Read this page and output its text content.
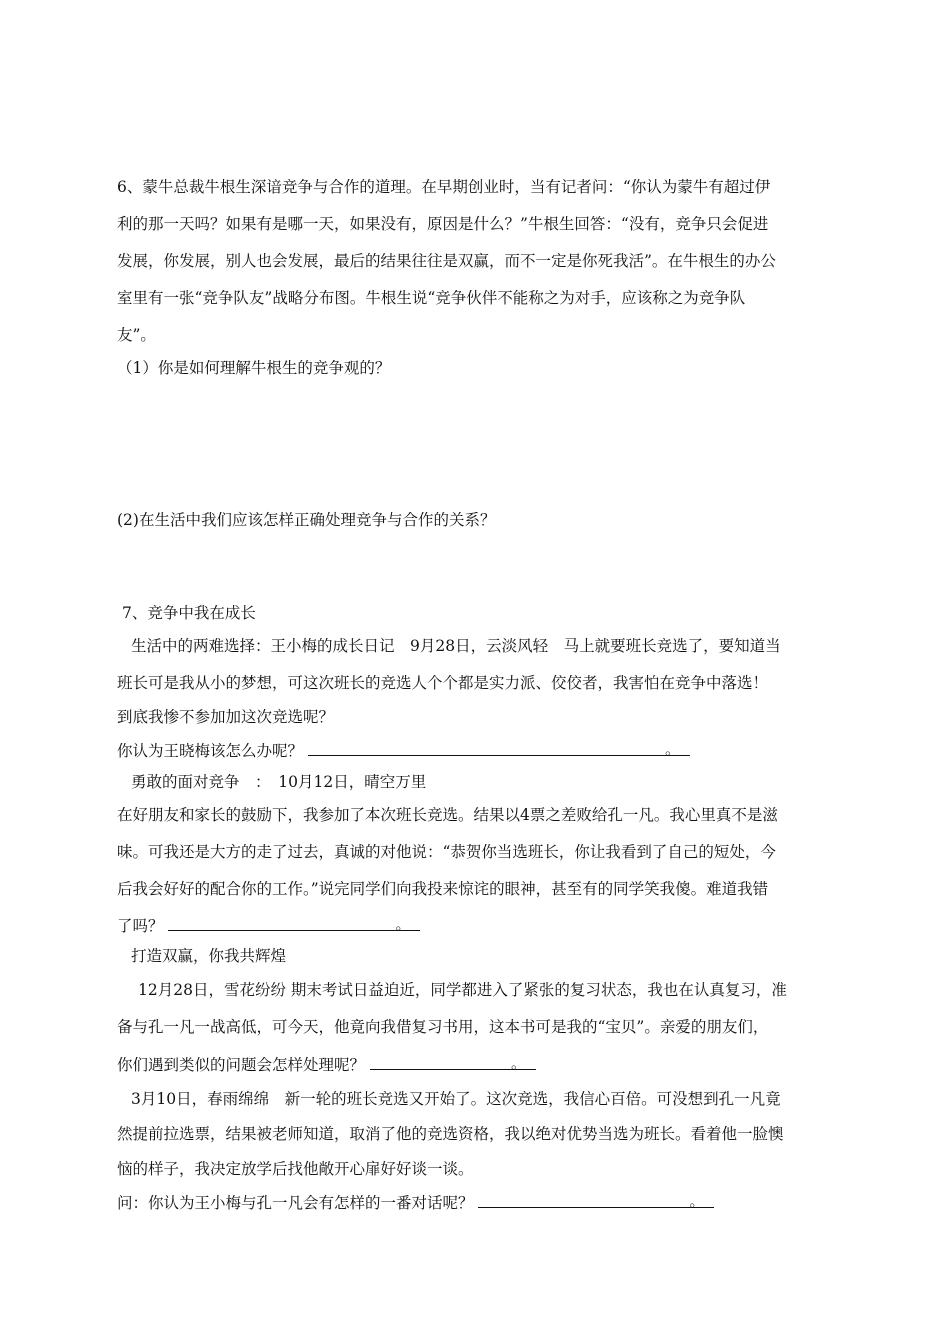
6、蒙牛总裁牛根生深谙竞争与合作的道理。在早期创业时，当有记者问：“你认为蒙牛有超过伊
利的那一天吗？如果有是哪一天，如果没有，原因是什么？”牛根生回答：“没有，竞争只会促进
发展，你发展，别人也会发展，最后的结果往往是双赢，而不一定是你死我活”。在牛根生的办公
室里有一张“竞争队友”战略分布图。牛根生说“竞争伙伴不能称之为对手，应该称之为竞争队
友”。
（1）你是如何理解牛根生的竞争观的？
(2)在生活中我们应该怎样正确处理竞争与合作的关系？
7、竞争中我在成长
生活中的两难选择：王小梅的成长日记　9月28日，云淡风轻　马上就要班长竞选了，要知道当
班长可是我从小的梦想，可这次班长的竞选人个个都是实力派、佼佼者，我害怕在竞争中落选！
到底我惨不参加加这次竞选呢？
你认为王晓梅该怎么办呢？	。
勇敢的面对竞争　：　10月12日，晴空万里
在好朋友和家长的鼓励下，我参加了本次班长竞选。结果以4票之差败给孔一凡。我心里真不是滋
味。可我还是大方的走了过去，真诚的对他说：“恭贺你当选班长，你让我看到了自己的短处，今
后我会好好的配合你的工作。”说完同学们向我投来惊诧的眼神，甚至有的同学笑我傻。难道我错
了吗？	。
打造双赢，你我共辉煌
12月28日，雪花纷纷 期末考试日益迫近，同学都进入了紧张的复习状态，我也在认真复习，准
备与孔一凡一战高低，可今天，他竟向我借复习书用，这本书可是我的“宝贝”。亲爱的朋友们，
你们遇到类似的问题会怎样处理呢？	。
3月10日，春雨绵绵　新一轮的班长竞选又开始了。这次竞选，我信心百倍。可没想到孔一凡竟
然提前拉选票，结果被老师知道，取消了他的竞选资格，我以绝对优势当选为班长。看着他一脸懊
恼的样子，我决定放学后找他敞开心扉好好谈一谈。
问：你认为王小梅与孔一凡会有怎样的一番对话呢？	。
